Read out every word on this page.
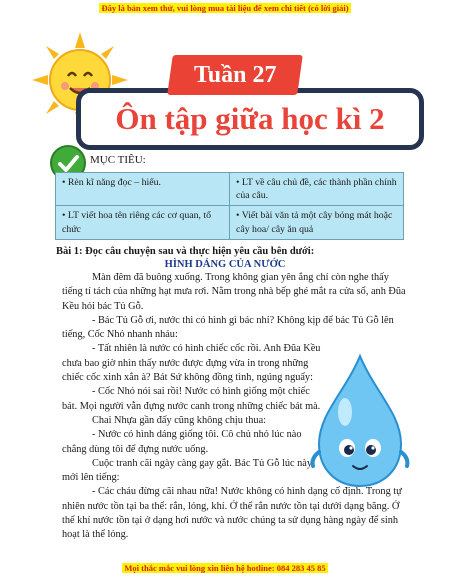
Đây là bản xem thử, vui lòng mua tài liệu để xem chi tiết (có lời giải)
Ôn tập giữa học kì 2
Tuần 27
MỤC TIÊU:
• Rèn kĩ năng đọc – hiểu.	• LT về câu chủ đề, các thành phần chính của câu.
• LT viết hoa tên riêng các cơ quan, tổ chức	• Viết bài văn tả một cây bóng mát hoặc cây hoa/ cây ăn quả
Bài 1: Đọc câu chuyện sau và thực hiện yêu cầu bên dưới:
HÌNH DÁNG CỦA NƯỚC

Màn đêm đã buông xuống. Trong không gian yên ắng chỉ còn nghe thấy tiếng tí tách của những hạt mưa rơi. Nằm trong nhà bếp ghé mắt ra cửa sổ, anh Đũa Kều hỏi bác Tủ Gỗ.

- Bác Tủ Gỗ ơi, nước thì có hình gì bác nhỉ? Không kịp để bác Tủ Gỗ lên tiếng, Cốc Nhỏ nhanh nhảu:

- Tất nhiên là nước có hình chiếc cốc rồi. Anh Đũa Kều chưa bao giờ nhìn thấy nước được đựng vừa in trong những chiếc cốc xinh xắn à? Bát Sứ không đồng tình, ngúng nguẩy:

- Cốc Nhỏ nói sai rồi! Nước có hình giống một chiếc bát. Mọi người vẫn đựng nước canh trong những chiếc bát mà.

Chai Nhựa gần đấy cũng không chịu thua:

- Nước có hình dáng giống tôi. Cô chủ nhỏ lúc nào chẳng dùng tôi để đựng nước uống.

Cuộc tranh cãi ngày càng gay gắt. Bác Tủ Gỗ lúc này mới lên tiếng:

- Các cháu đừng cãi nhau nữa! Nước không có hình dạng cố định. Trong tự nhiên nước tồn tại ba thể: rắn, lỏng, khí. Ở thể rắn nước tồn tại dưới dạng băng. Ở thể khí nước tồn tại ở dạng hơi nước và nước chúng ta sử dụng hàng ngày để sinh hoạt là thể lỏng.

Mọi thắc mắc vui lòng xin liên hệ hotline: 084 283 45 85
